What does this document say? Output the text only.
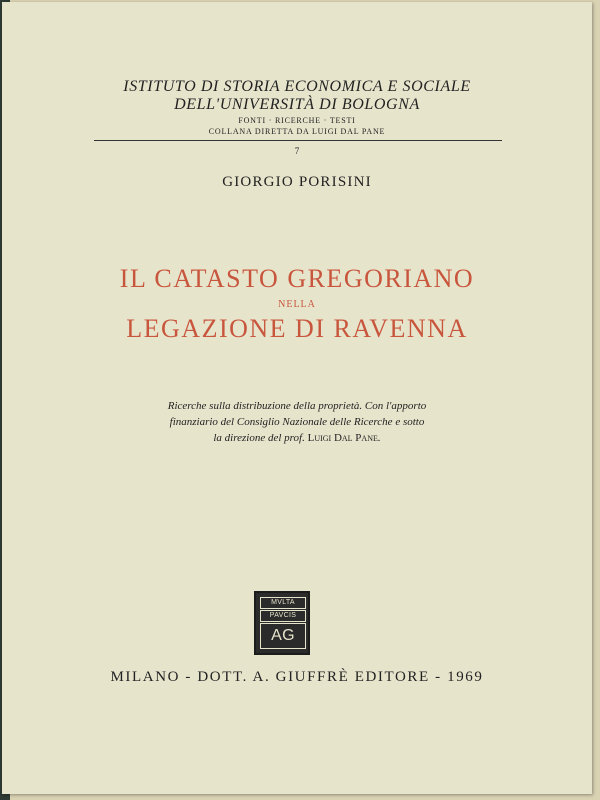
ISTITUTO DI STORIA ECONOMICA E SOCIALE
DELL'UNIVERSITÀ DI BOLOGNA
FONTI · RICERCHE · TESTI
COLLANA DIRETTA DA LUIGI DAL PANE
7
GIORGIO PORISINI
IL CATASTO GREGORIANO
NELLA
LEGAZIONE DI RAVENNA
Ricerche sulla distribuzione della proprietà. Con l'apporto
finanziario del Consiglio Nazionale delle Ricerche e sotto
la direzione del prof. Luigi Dal Pane.
MVLTA
PAVCIS
AG
MILANO - DOTT. A. GIUFFRÈ EDITORE - 1969
